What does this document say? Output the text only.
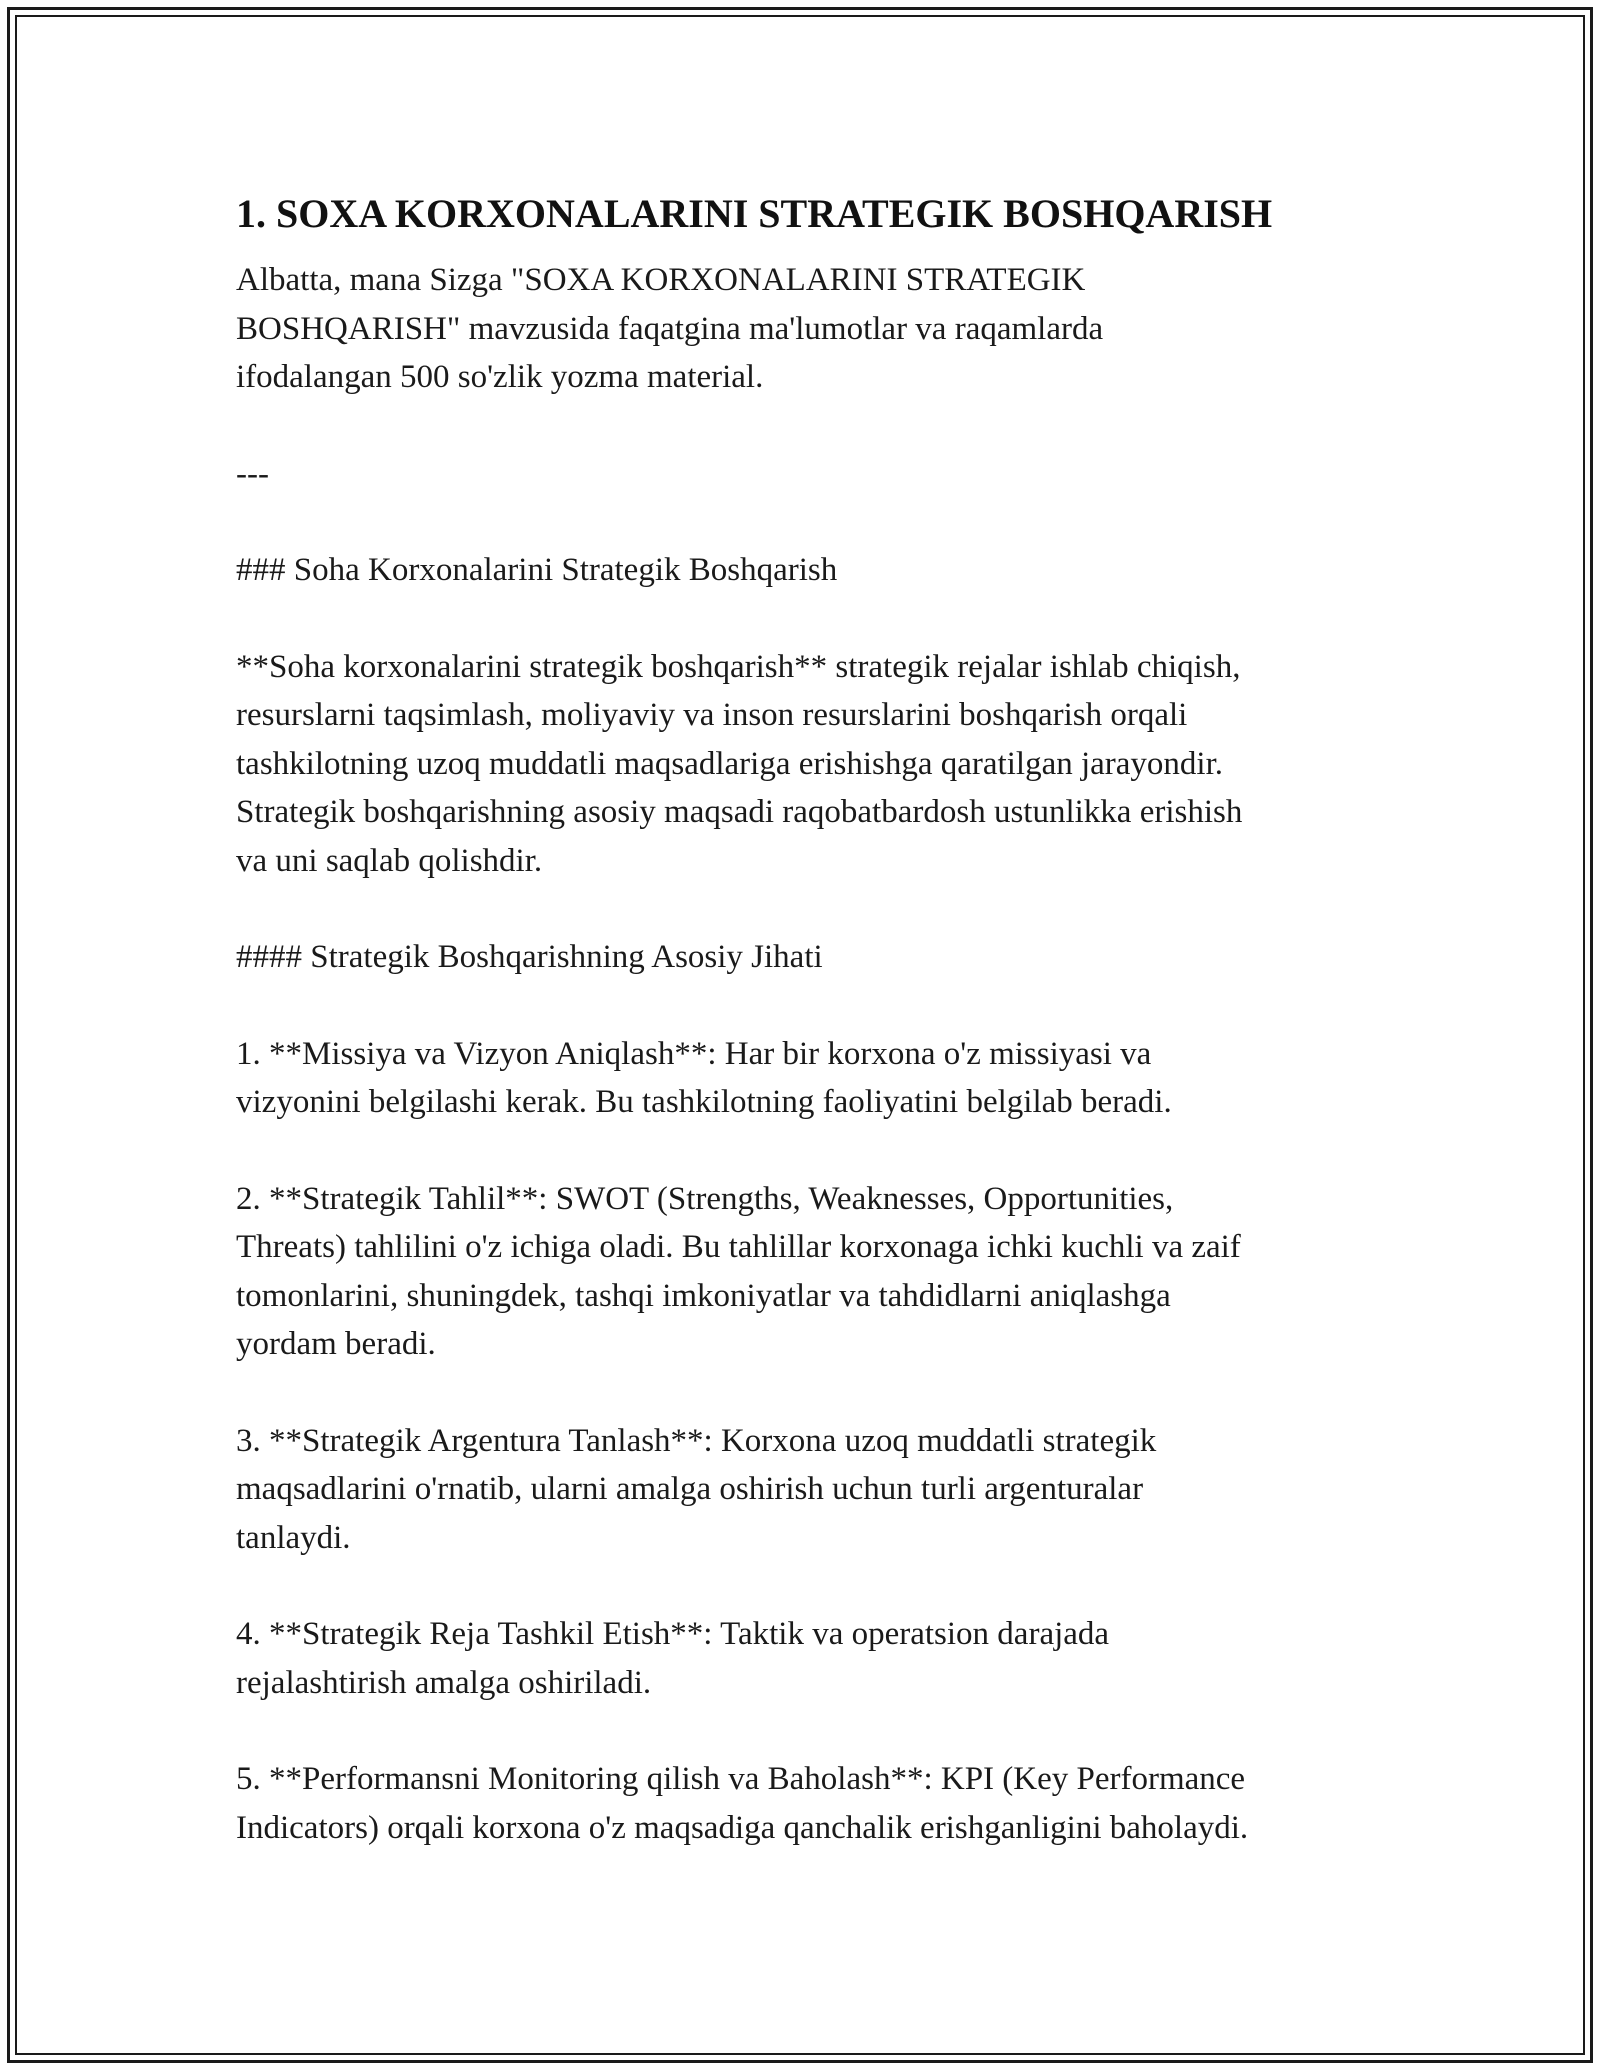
1. SOXA KORXONALARINI STRATEGIK BOSHQARISH

Albatta, mana Sizga "SOXA KORXONALARINI STRATEGIK
BOSHQARISH" mavzusida faqatgina ma'lumotlar va raqamlarda
ifodalangan 500 so'zlik yozma material.

---

### Soha Korxonalarini Strategik Boshqarish

**Soha korxonalarini strategik boshqarish** strategik rejalar ishlab chiqish,
resurslarni taqsimlash, moliyaviy va inson resurslarini boshqarish orqali
tashkilotning uzoq muddatli maqsadlariga erishishga qaratilgan jarayondir.
Strategik boshqarishning asosiy maqsadi raqobatbardosh ustunlikka erishish
va uni saqlab qolishdir.

#### Strategik Boshqarishning Asosiy Jihati

1. **Missiya va Vizyon Aniqlash**: Har bir korxona o'z missiyasi va
vizyonini belgilashi kerak. Bu tashkilotning faoliyatini belgilab beradi.

2. **Strategik Tahlil**: SWOT (Strengths, Weaknesses, Opportunities,
Threats) tahlilini o'z ichiga oladi. Bu tahlillar korxonaga ichki kuchli va zaif
tomonlarini, shuningdek, tashqi imkoniyatlar va tahdidlarni aniqlashga
yordam beradi.

3. **Strategik Argentura Tanlash**: Korxona uzoq muddatli strategik
maqsadlarini o'rnatib, ularni amalga oshirish uchun turli argenturalar
tanlaydi.

4. **Strategik Reja Tashkil Etish**: Taktik va operatsion darajada
rejalashtirish amalga oshiriladi.

5. **Performansni Monitoring qilish va Baholash**: KPI (Key Performance
Indicators) orqali korxona o'z maqsadiga qanchalik erishganligini baholaydi.
